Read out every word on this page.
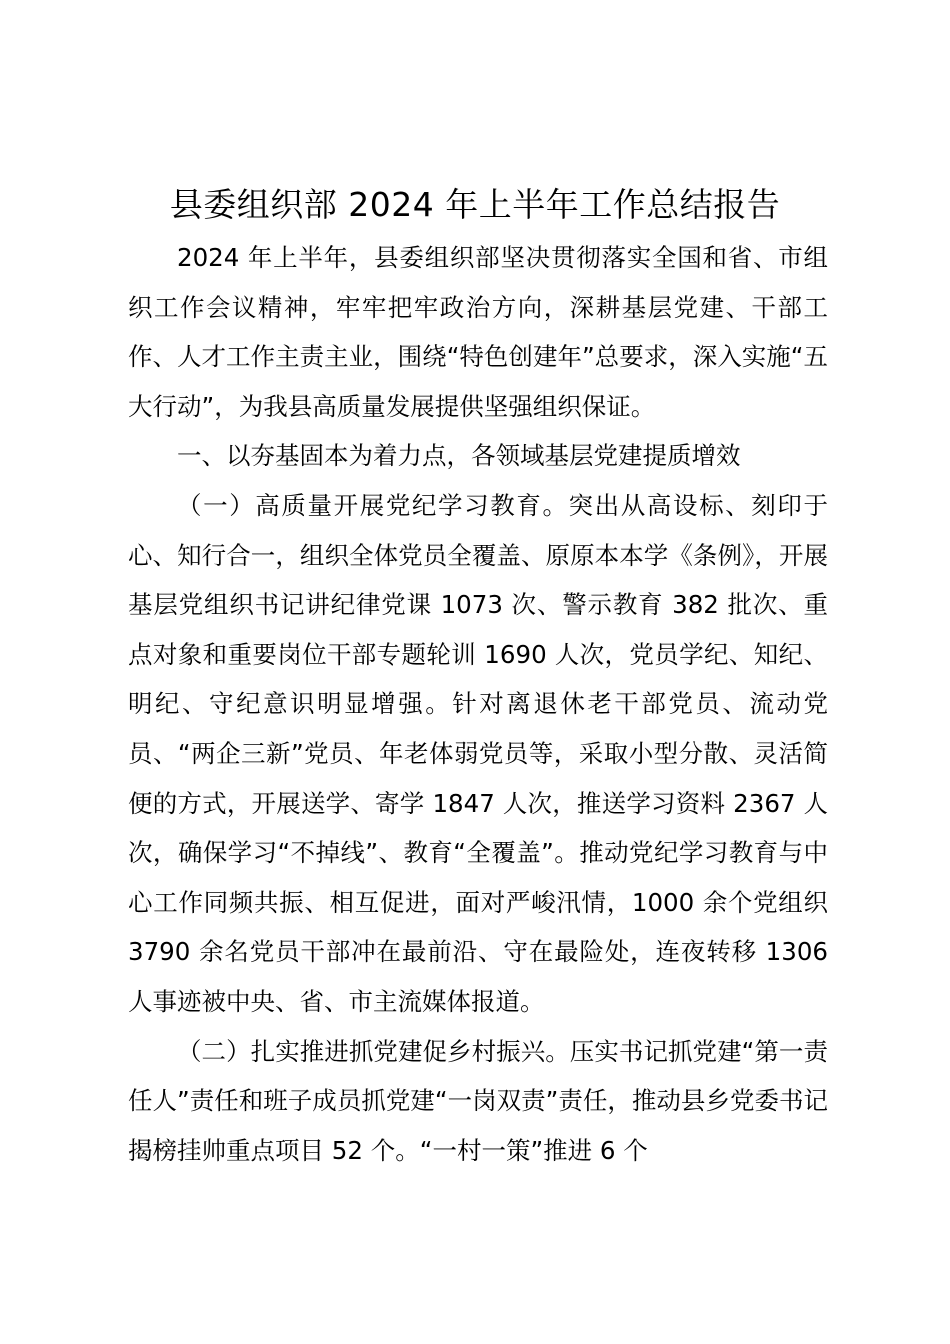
县委组织部 2024 年上半年工作总结报告

2024 年上半年，县委组织部坚决贯彻落实全国和省、市组织工作会议精神，牢牢把牢政治方向，深耕基层党建、干部工作、人才工作主责主业，围绕“特色创建年”总要求，深入实施“五大行动”，为我县高质量发展提供坚强组织保证。

一、以夯基固本为着力点，各领域基层党建提质增效

（一）高质量开展党纪学习教育。突出从高设标、刻印于心、知行合一，组织全体党员全覆盖、原原本本学《条例》，开展基层党组织书记讲纪律党课 1073 次、警示教育 382 批次、重点对象和重要岗位干部专题轮训 1690 人次，党员学纪、知纪、明纪、守纪意识明显增强。针对离退休老干部党员、流动党员、“两企三新”党员、年老体弱党员等，采取小型分散、灵活简便的方式，开展送学、寄学 1847 人次，推送学习资料 2367 人次，确保学习“不掉线”、教育“全覆盖”。推动党纪学习教育与中心工作同频共振、相互促进，面对严峻汛情，1000 余个党组织 3790 余名党员干部冲在最前沿、守在最险处，连夜转移 1306 人事迹被中央、省、市主流媒体报道。

（二）扎实推进抓党建促乡村振兴。压实书记抓党建“第一责任人”责任和班子成员抓党建“一岗双责”责任，推动县乡党委书记揭榜挂帅重点项目 52 个。“一村一策”推进 6 个
